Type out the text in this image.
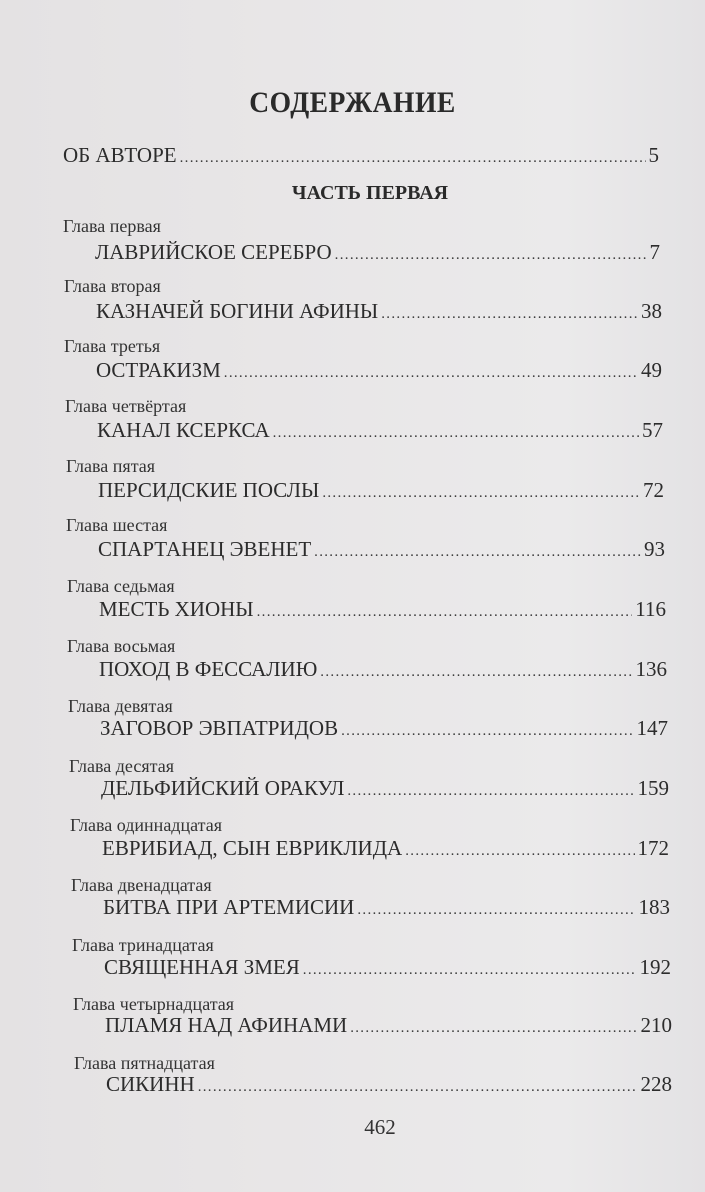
СОДЕРЖАНИЕ
ОБ АВТОРЕ .....	5
ЧАСТЬ ПЕРВАЯ
Глава первая
ЛАВРИЙСКОЕ СЕРЕБРО .....	7
Глава вторая
КАЗНАЧЕЙ БОГИНИ АФИНЫ .....	38
Глава третья
ОСТРАКИЗМ .....	49
Глава четвёртая
КАНАЛ КСЕРКСА .....	57
Глава пятая
ПЕРСИДСКИЕ ПОСЛЫ .....	72
Глава шестая
СПАРТАНЕЦ ЭВЕНЕТ .....	93
Глава седьмая
МЕСТЬ ХИОНЫ .....	116
Глава восьмая
ПОХОД В ФЕССАЛИЮ .....	136
Глава девятая
ЗАГОВОР ЭВПАТРИДОВ .....	147
Глава десятая
ДЕЛЬФИЙСКИЙ ОРАКУЛ .....	159
Глава одиннадцатая
ЕВРИБИАД, СЫН ЕВРИКЛИДА .....	172
Глава двенадцатая
БИТВА ПРИ АРТЕМИСИИ .....	183
Глава тринадцатая
СВЯЩЕННАЯ ЗМЕЯ .....	192
Глава четырнадцатая
ПЛАМЯ НАД АФИНАМИ .....	210
Глава пятнадцатая
СИКИНН .....	228
462
